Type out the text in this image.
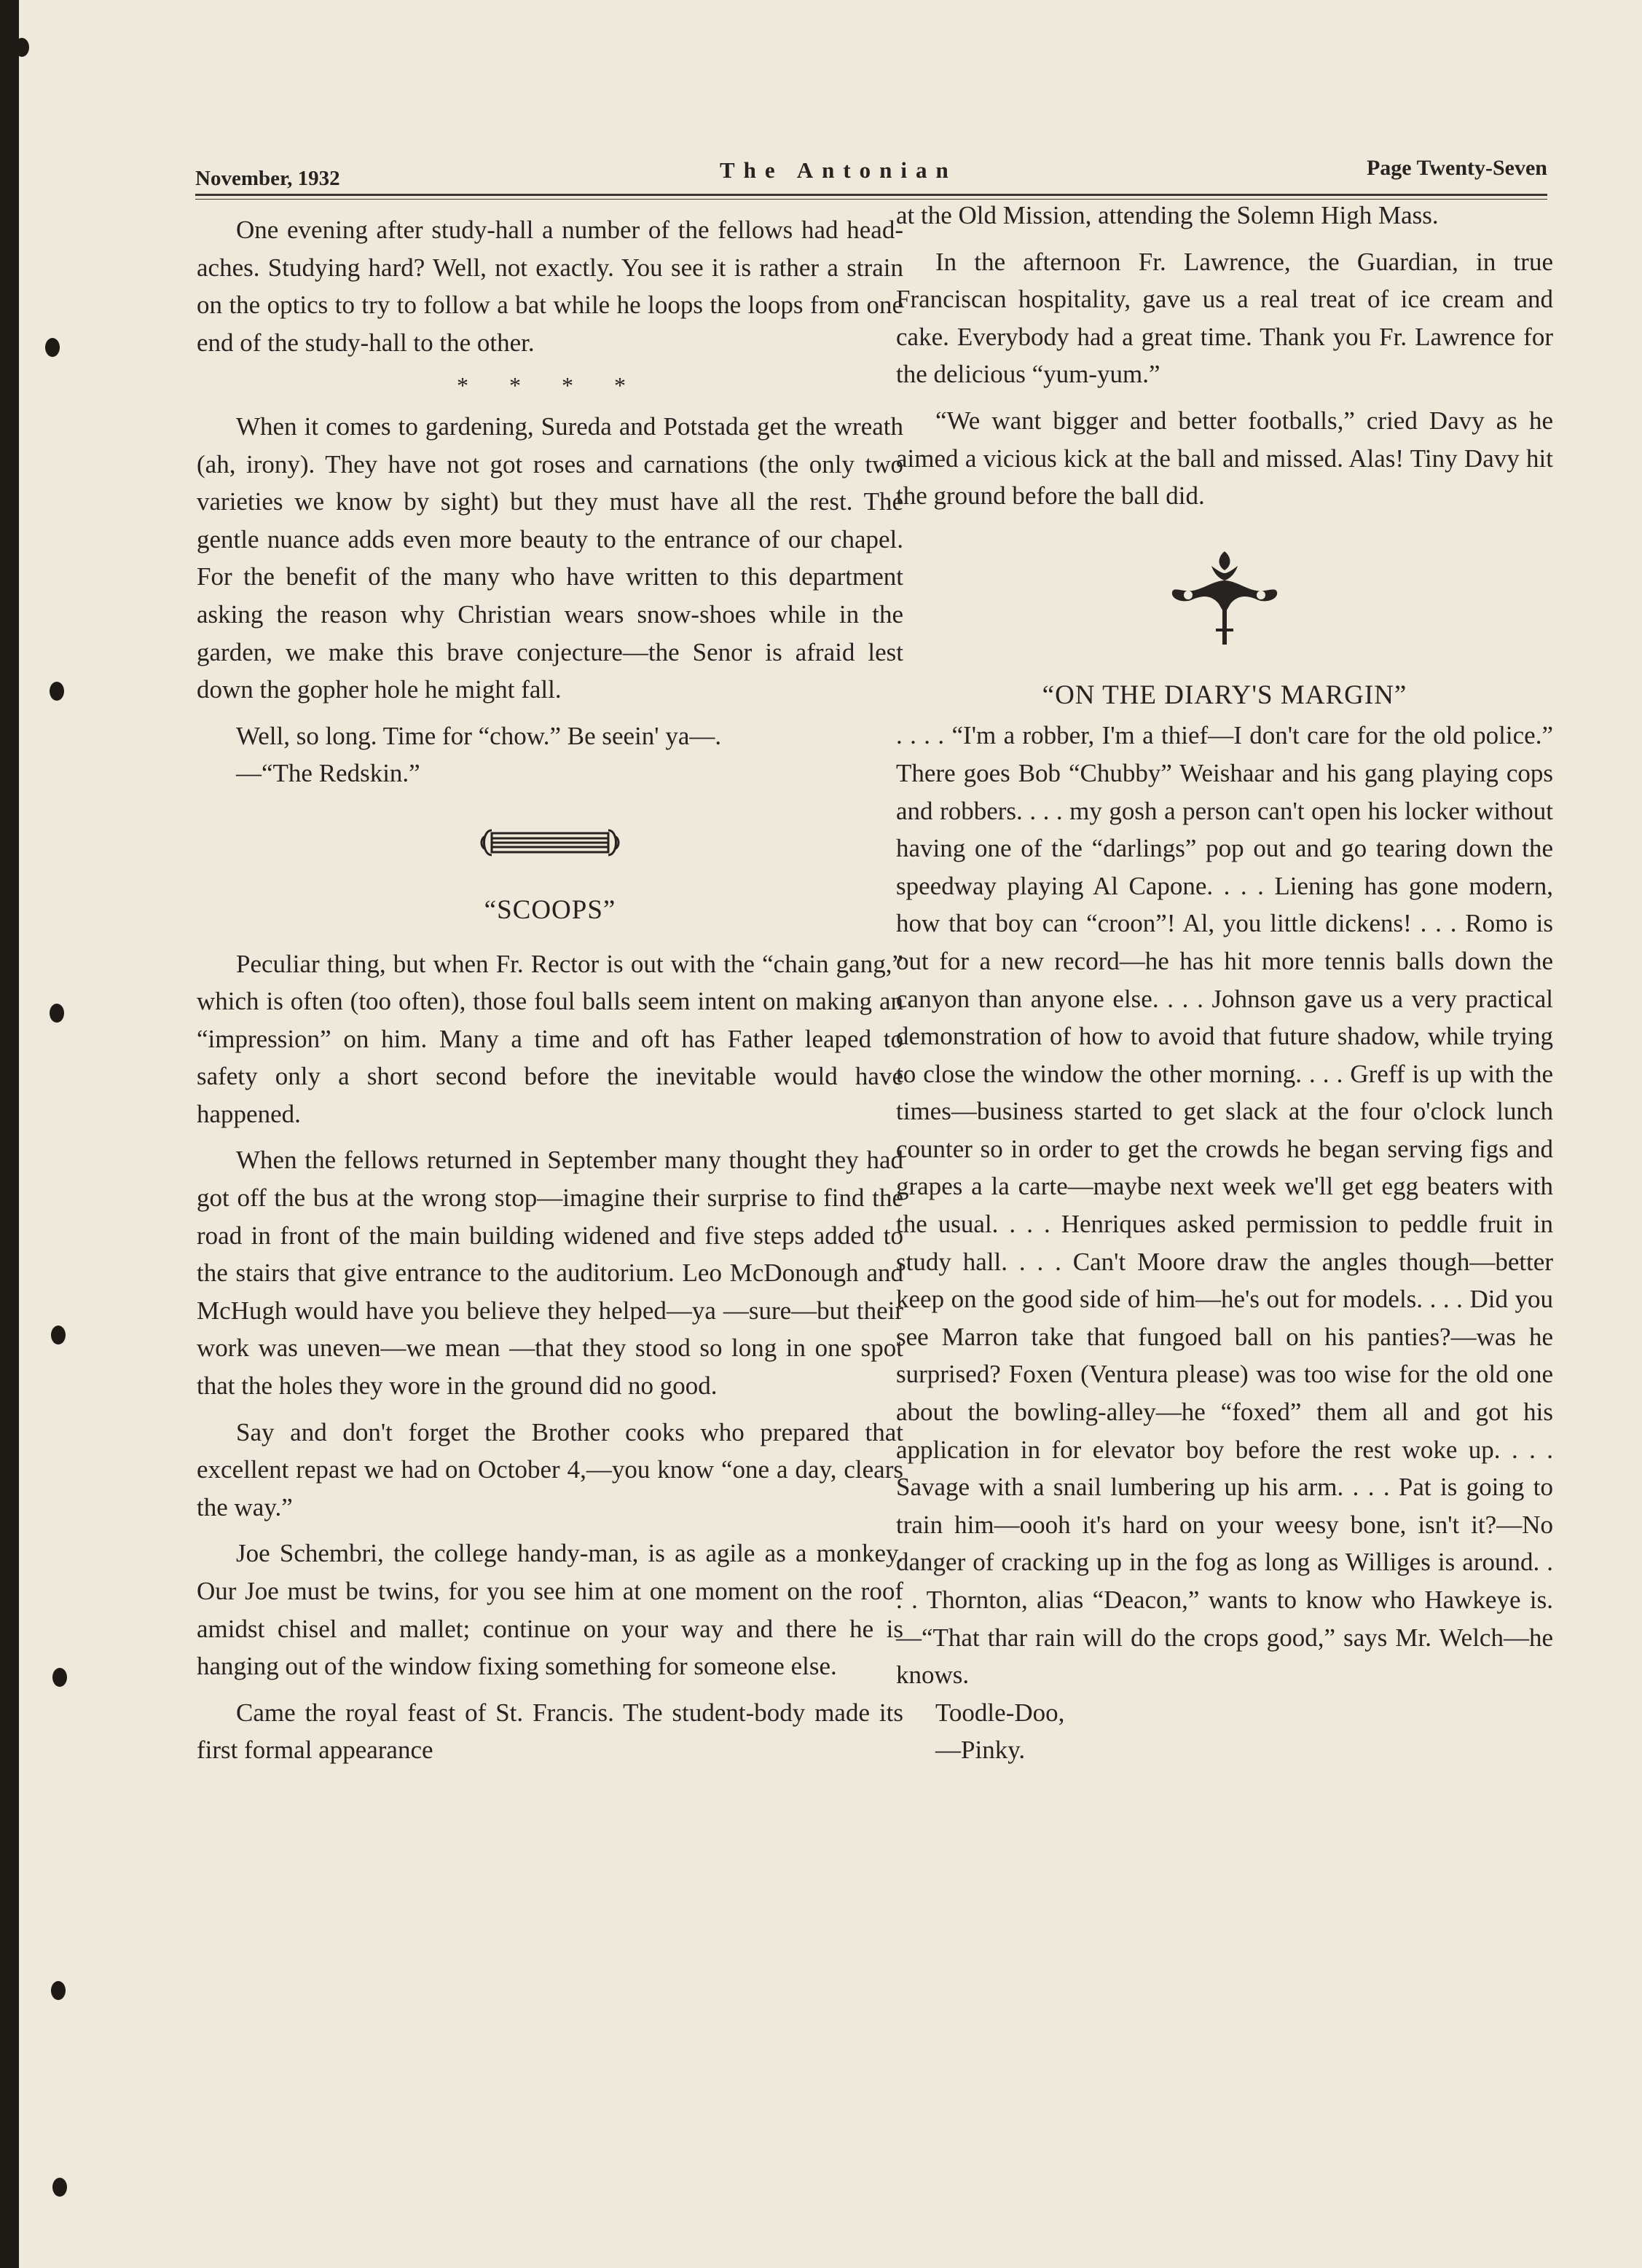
November, 1932	The Antonian	Page Twenty-Seven

One evening after study-hall a number of the fellows had head-aches. Studying hard? Well, not exactly. You see it is rather a strain on the optics to try to follow a bat while he loops the loops from one end of the study-hall to the other.

* * * *

When it comes to gardening, Sureda and Potstada get the wreath (ah, irony). They have not got roses and carnations (the only two varieties we know by sight) but they must have all the rest. The gentle nuance adds even more beauty to the entrance of our chapel. For the benefit of the many who have written to this department asking the reason why Christian wears snow-shoes while in the garden, we make this brave conjecture—the Senor is afraid lest down the gopher hole he might fall.

Well, so long. Time for “chow.” Be seein' ya—.

—“The Redskin.”

“SCOOPS”

Peculiar thing, but when Fr. Rector is out with the “chain gang,” which is often (too often), those foul balls seem intent on making an “impression” on him. Many a time and oft has Father leaped to safety only a short second before the inevitable would have happened.

When the fellows returned in September many thought they had got off the bus at the wrong stop—imagine their surprise to find the road in front of the main building widened and five steps added to the stairs that give entrance to the auditorium. Leo McDonough and McHugh would have you believe they helped—ya —sure—but their work was uneven—we mean —that they stood so long in one spot that the holes they wore in the ground did no good.

Say and don't forget the Brother cooks who prepared that excellent repast we had on October 4,—you know “one a day, clears the way.”

Joe Schembri, the college handy-man, is as agile as a monkey. Our Joe must be twins, for you see him at one moment on the roof amidst chisel and mallet; continue on your way and there he is hanging out of the window fixing something for someone else.

Came the royal feast of St. Francis. The student-body made its first formal appearance

at the Old Mission, attending the Solemn High Mass.

In the afternoon Fr. Lawrence, the Guardian, in true Franciscan hospitality, gave us a real treat of ice cream and cake. Everybody had a great time. Thank you Fr. Lawrence for the delicious “yum-yum.”

“We want bigger and better footballs,” cried Davy as he aimed a vicious kick at the ball and missed. Alas! Tiny Davy hit the ground before the ball did.

“ON THE DIARY'S MARGIN”

. . . . “I'm a robber, I'm a thief—I don't care for the old police.” There goes Bob “Chubby” Weishaar and his gang playing cops and robbers. . . . my gosh a person can't open his locker without having one of the “darlings” pop out and go tearing down the speedway playing Al Capone. . . . Liening has gone modern, how that boy can “croon”! Al, you little dickens! . . . Romo is out for a new record—he has hit more tennis balls down the canyon than anyone else. . . . Johnson gave us a very practical demonstration of how to avoid that future shadow, while trying to close the window the other morning. . . . Greff is up with the times—business started to get slack at the four o'clock lunch counter so in order to get the crowds he began serving figs and grapes a la carte—maybe next week we'll get egg beaters with the usual. . . . Henriques asked permission to peddle fruit in study hall. . . . Can't Moore draw the angles though—better keep on the good side of him—he's out for models. . . . Did you see Marron take that fungoed ball on his panties?—was he surprised? Foxen (Ventura please) was too wise for the old one about the bowling-alley—he “foxed” them all and got his application in for elevator boy before the rest woke up. . . . Savage with a snail lumbering up his arm. . . . Pat is going to train him—oooh it's hard on your weesy bone, isn't it?—No danger of cracking up in the fog as long as Williges is around. . . . Thornton, alias “Deacon,” wants to know who Hawkeye is.—“That thar rain will do the crops good,” says Mr. Welch—he knows.

Toodle-Doo,

—Pinky.
